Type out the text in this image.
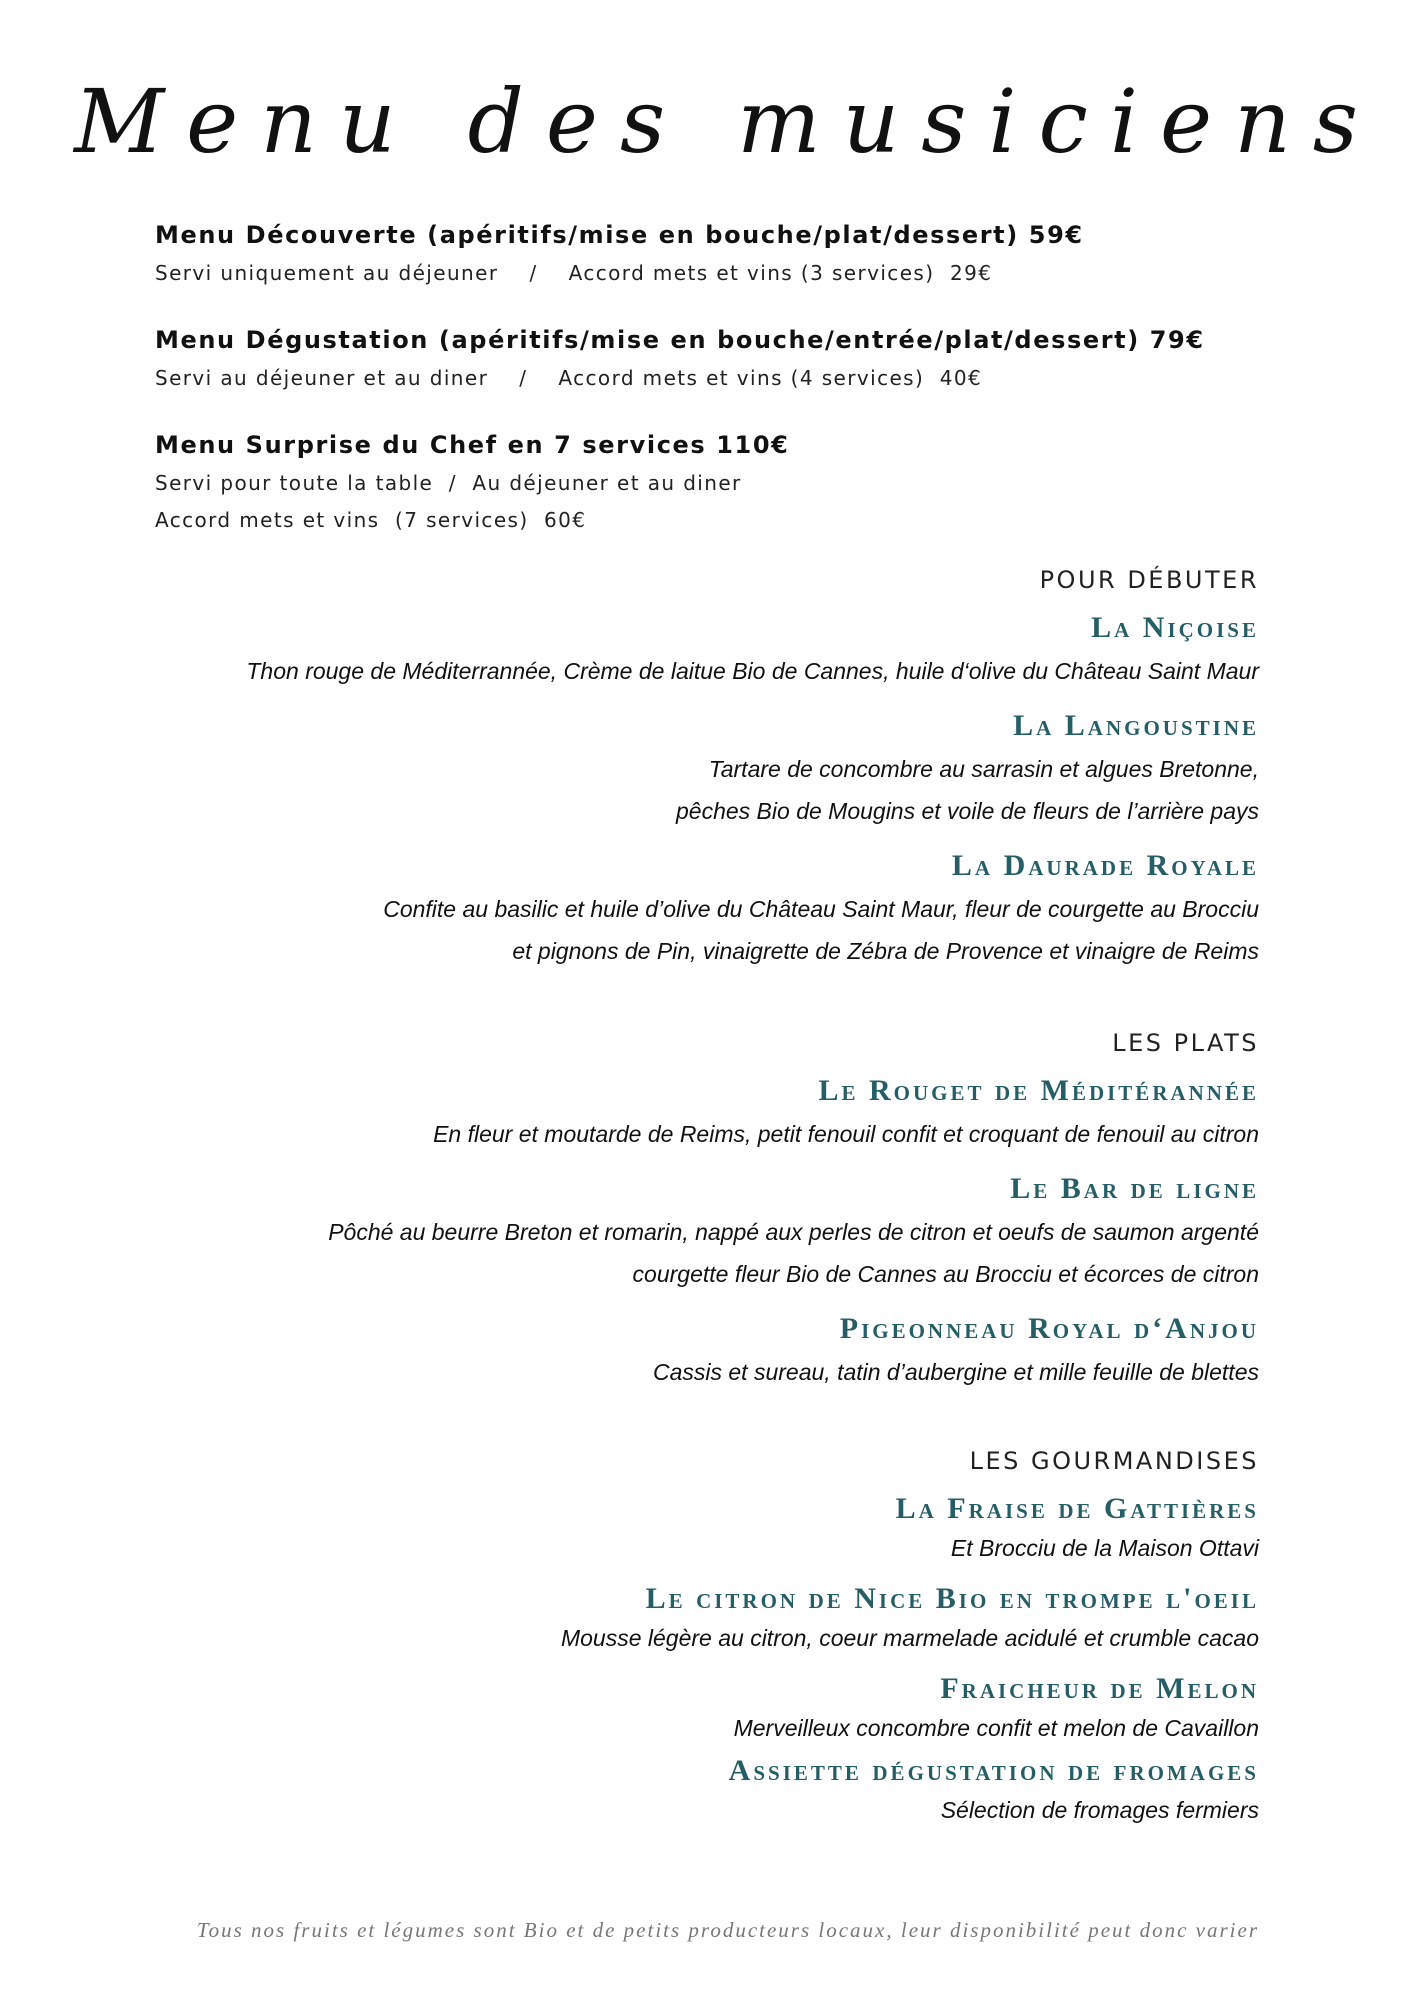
Menu des musiciens
Menu Découverte (apéritifs/mise en bouche/plat/dessert) 59€
Servi uniquement au déjeuner    /    Accord mets et vins (3 services)  29€
Menu Dégustation (apéritifs/mise en bouche/entrée/plat/dessert) 79€
Servi au déjeuner et au diner    /    Accord mets et vins (4 services)  40€
Menu Surprise du Chef en 7 services 110€
Servi pour toute la table  /  Au déjeuner et au diner
Accord mets et vins  (7 services)  60€
POUR DÉBUTER
La Niçoise
Thon rouge de Méditerrannée, Crème de laitue Bio de Cannes, huile d‘olive du Château Saint Maur
La Langoustine
Tartare de concombre au sarrasin et algues Bretonne,
pêches Bio de Mougins et voile de fleurs de l’arrière pays
La Daurade Royale
Confite au basilic et huile d’olive du Château Saint Maur, fleur de courgette au Brocciu
et pignons de Pin, vinaigrette de Zébra de Provence et vinaigre de Reims
LES PLATS
Le Rouget de Méditérannée
En fleur et moutarde de Reims, petit fenouil confit et croquant de fenouil au citron
Le Bar de ligne
Pôché au beurre Breton et romarin, nappé aux perles de citron et oeufs de saumon argenté
courgette fleur Bio de Cannes au Brocciu et écorces de citron
Pigeonneau Royal d‘Anjou
Cassis et sureau, tatin d’aubergine et mille feuille de blettes
LES GOURMANDISES
La Fraise de Gattières
Et Brocciu de la Maison Ottavi
Le citron de Nice Bio en trompe l'oeil
Mousse légère au citron, coeur marmelade acidulé et crumble cacao
Fraicheur de Melon
Merveilleux concombre confit et melon de Cavaillon
Assiette dégustation de fromages
Sélection de fromages fermiers
Tous nos fruits et légumes sont Bio et de petits producteurs locaux, leur disponibilité peut donc varier
